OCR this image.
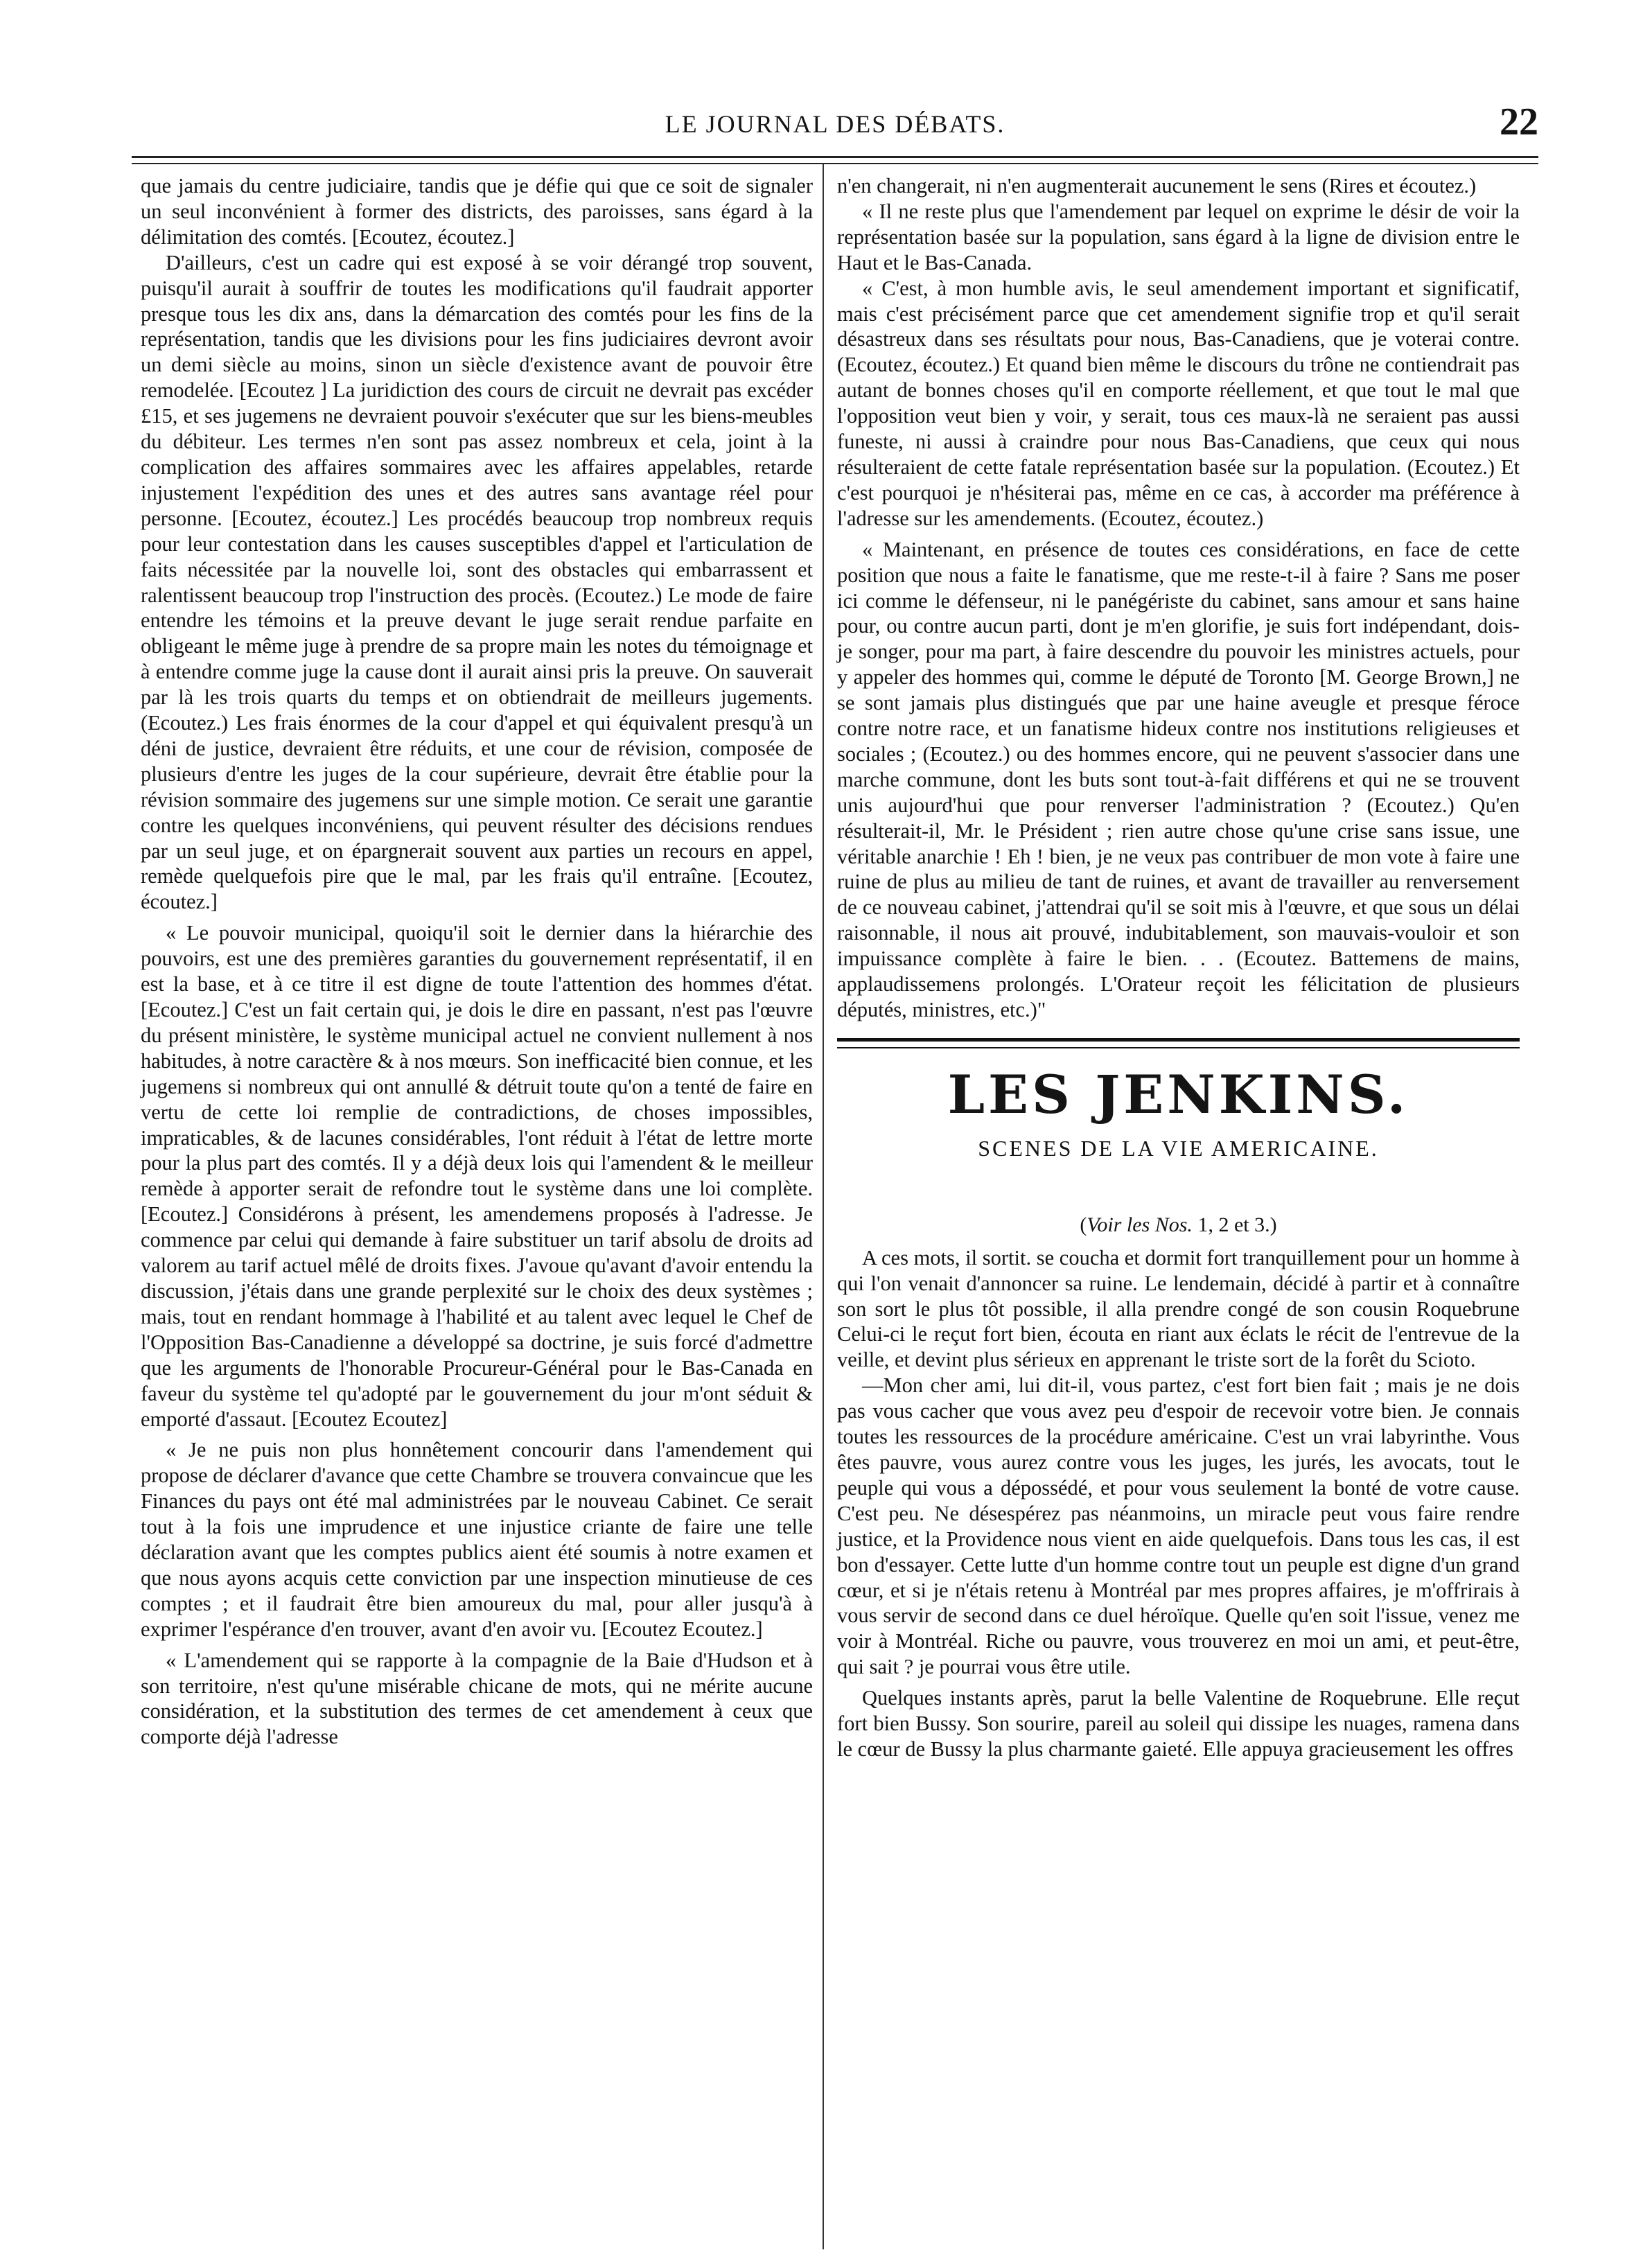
LE JOURNAL DES DÉBATS.	22

que jamais du centre judiciaire, tandis que je défie qui que ce soit de signaler un seul inconvénient à former des districts, des paroisses, sans égard à la délimitation des comtés. [Ecoutez, écoutez.]

D'ailleurs, c'est un cadre qui est exposé à se voir dérangé trop souvent, puisqu'il aurait à souffrir de toutes les modifications qu'il faudrait apporter presque tous les dix ans, dans la démarcation des comtés pour les fins de la représentation, tandis que les divisions pour les fins judiciaires devront avoir un demi siècle au moins, sinon un siècle d'existence avant de pouvoir être remodelée. [Ecoutez ] La juridiction des cours de circuit ne devrait pas excéder £15, et ses jugemens ne devraient pouvoir s'exécuter que sur les biens-meubles du débiteur. Les termes n'en sont pas assez nombreux et cela, joint à la complication des affaires sommaires avec les affaires appelables, retarde injustement l'expédition des unes et des autres sans avantage réel pour personne. [Ecoutez, écoutez.] Les procédés beaucoup trop nombreux requis pour leur contestation dans les causes susceptibles d'appel et l'articulation de faits nécessitée par la nouvelle loi, sont des obstacles qui embarrassent et ralentissent beaucoup trop l'instruction des procès. (Ecoutez.) Le mode de faire entendre les témoins et la preuve devant le juge serait rendue parfaite en obligeant le même juge à prendre de sa propre main les notes du témoignage et à entendre comme juge la cause dont il aurait ainsi pris la preuve. On sauverait par là les trois quarts du temps et on obtiendrait de meilleurs jugements. (Ecoutez.) Les frais énormes de la cour d'appel et qui équivalent presqu'à un déni de justice, devraient être réduits, et une cour de révision, composée de plusieurs d'entre les juges de la cour supérieure, devrait être établie pour la révision sommaire des jugemens sur une simple motion. Ce serait une garantie contre les quelques inconvéniens, qui peuvent résulter des décisions rendues par un seul juge, et on épargnerait souvent aux parties un recours en appel, remède quelquefois pire que le mal, par les frais qu'il entraîne. [Ecoutez, écoutez.]

« Le pouvoir municipal, quoiqu'il soit le dernier dans la hiérarchie des pouvoirs, est une des premières garanties du gouvernement représentatif, il en est la base, et à ce titre il est digne de toute l'attention des hommes d'état. [Ecoutez.] C'est un fait certain qui, je dois le dire en passant, n'est pas l'œuvre du présent ministère, le système municipal actuel ne convient nullement à nos habitudes, à notre caractère & à nos mœurs. Son inefficacité bien connue, et les jugemens si nombreux qui ont annullé & détruit toute qu'on a tenté de faire en vertu de cette loi remplie de contradictions, de choses impossibles, impraticables, & de lacunes considérables, l'ont réduit à l'état de lettre morte pour la plus part des comtés. Il y a déjà deux lois qui l'amendent & le meilleur remède à apporter serait de refondre tout le système dans une loi complète. [Ecoutez.] Considérons à présent, les amendemens proposés à l'adresse. Je commence par celui qui demande à faire substituer un tarif absolu de droits ad valorem au tarif actuel mêlé de droits fixes. J'avoue qu'avant d'avoir entendu la discussion, j'étais dans une grande perplexité sur le choix des deux systèmes ; mais, tout en rendant hommage à l'habilité et au talent avec lequel le Chef de l'Opposition Bas-Canadienne a développé sa doctrine, je suis forcé d'admettre que les arguments de l'honorable Procureur-Général pour le Bas-Canada en faveur du système tel qu'adopté par le gouvernement du jour m'ont séduit & emporté d'assaut. [Ecoutez Ecoutez]

« Je ne puis non plus honnêtement concourir dans l'amendement qui propose de déclarer d'avance que cette Chambre se trouvera convaincue que les Finances du pays ont été mal administrées par le nouveau Cabinet. Ce serait tout à la fois une imprudence et une injustice criante de faire une telle déclaration avant que les comptes publics aient été soumis à notre examen et que nous ayons acquis cette conviction par une inspection minutieuse de ces comptes ; et il faudrait être bien amoureux du mal, pour aller jusqu'à à exprimer l'espérance d'en trouver, avant d'en avoir vu. [Ecoutez Ecoutez.]

« L'amendement qui se rapporte à la compagnie de la Baie d'Hudson et à son territoire, n'est qu'une misérable chicane de mots, qui ne mérite aucune considération, et la substitution des termes de cet amendement à ceux que comporte déjà l'adresse

n'en changerait, ni n'en augmenterait aucunement le sens (Rires et écoutez.)

« Il ne reste plus que l'amendement par lequel on exprime le désir de voir la représentation basée sur la population, sans égard à la ligne de division entre le Haut et le Bas-Canada.

« C'est, à mon humble avis, le seul amendement important et significatif, mais c'est précisément parce que cet amendement signifie trop et qu'il serait désastreux dans ses résultats pour nous, Bas-Canadiens, que je voterai contre. (Ecoutez, écoutez.) Et quand bien même le discours du trône ne contiendrait pas autant de bonnes choses qu'il en comporte réellement, et que tout le mal que l'opposition veut bien y voir, y serait, tous ces maux-là ne seraient pas aussi funeste, ni aussi à craindre pour nous Bas-Canadiens, que ceux qui nous résulteraient de cette fatale représentation basée sur la population. (Ecoutez.) Et c'est pourquoi je n'hésiterai pas, même en ce cas, à accorder ma préférence à l'adresse sur les amendements. (Ecoutez, écoutez.)

« Maintenant, en présence de toutes ces considérations, en face de cette position que nous a faite le fanatisme, que me reste-t-il à faire ? Sans me poser ici comme le défenseur, ni le panégériste du cabinet, sans amour et sans haine pour, ou contre aucun parti, dont je m'en glorifie, je suis fort indépendant, dois-je songer, pour ma part, à faire descendre du pouvoir les ministres actuels, pour y appeler des hommes qui, comme le député de Toronto [M. George Brown,] ne se sont jamais plus distingués que par une haine aveugle et presque féroce contre notre race, et un fanatisme hideux contre nos institutions religieuses et sociales ; (Ecoutez.) ou des hommes encore, qui ne peuvent s'associer dans une marche commune, dont les buts sont tout-à-fait différens et qui ne se trouvent unis aujourd'hui que pour renverser l'administration ? (Ecoutez.) Qu'en résulterait-il, Mr. le Président ; rien autre chose qu'une crise sans issue, une véritable anarchie ! Eh ! bien, je ne veux pas contribuer de mon vote à faire une ruine de plus au milieu de tant de ruines, et avant de travailler au renversement de ce nouveau cabinet, j'attendrai qu'il se soit mis à l'œuvre, et que sous un délai raisonnable, il nous ait prouvé, indubitablement, son mauvais-vouloir et son impuissance complète à faire le bien. . . (Ecoutez. Battemens de mains, applaudissemens prolongés. L'Orateur reçoit les félicitation de plusieurs députés, ministres, etc.)"

LES JENKINS.
SCENES DE LA VIE AMERICAINE.
(Voir les Nos. 1, 2 et 3.)

A ces mots, il sortit. se coucha et dormit fort tranquillement pour un homme à qui l'on venait d'annoncer sa ruine. Le lendemain, décidé à partir et à connaître son sort le plus tôt possible, il alla prendre congé de son cousin Roquebrune Celui-ci le reçut fort bien, écouta en riant aux éclats le récit de l'entrevue de la veille, et devint plus sérieux en apprenant le triste sort de la forêt du Scioto.

—Mon cher ami, lui dit-il, vous partez, c'est fort bien fait ; mais je ne dois pas vous cacher que vous avez peu d'espoir de recevoir votre bien. Je connais toutes les ressources de la procédure américaine. C'est un vrai labyrinthe. Vous êtes pauvre, vous aurez contre vous les juges, les jurés, les avocats, tout le peuple qui vous a dépossédé, et pour vous seulement la bonté de votre cause. C'est peu. Ne désespérez pas néanmoins, un miracle peut vous faire rendre justice, et la Providence nous vient en aide quelquefois. Dans tous les cas, il est bon d'essayer. Cette lutte d'un homme contre tout un peuple est digne d'un grand cœur, et si je n'étais retenu à Montréal par mes propres affaires, je m'offrirais à vous servir de second dans ce duel héroïque. Quelle qu'en soit l'issue, venez me voir à Montréal. Riche ou pauvre, vous trouverez en moi un ami, et peut-être, qui sait ? je pourrai vous être utile.

Quelques instants après, parut la belle Valentine de Roquebrune. Elle reçut fort bien Bussy. Son sourire, pareil au soleil qui dissipe les nuages, ramena dans le cœur de Bussy la plus charmante gaieté. Elle appuya gracieusement les offres
